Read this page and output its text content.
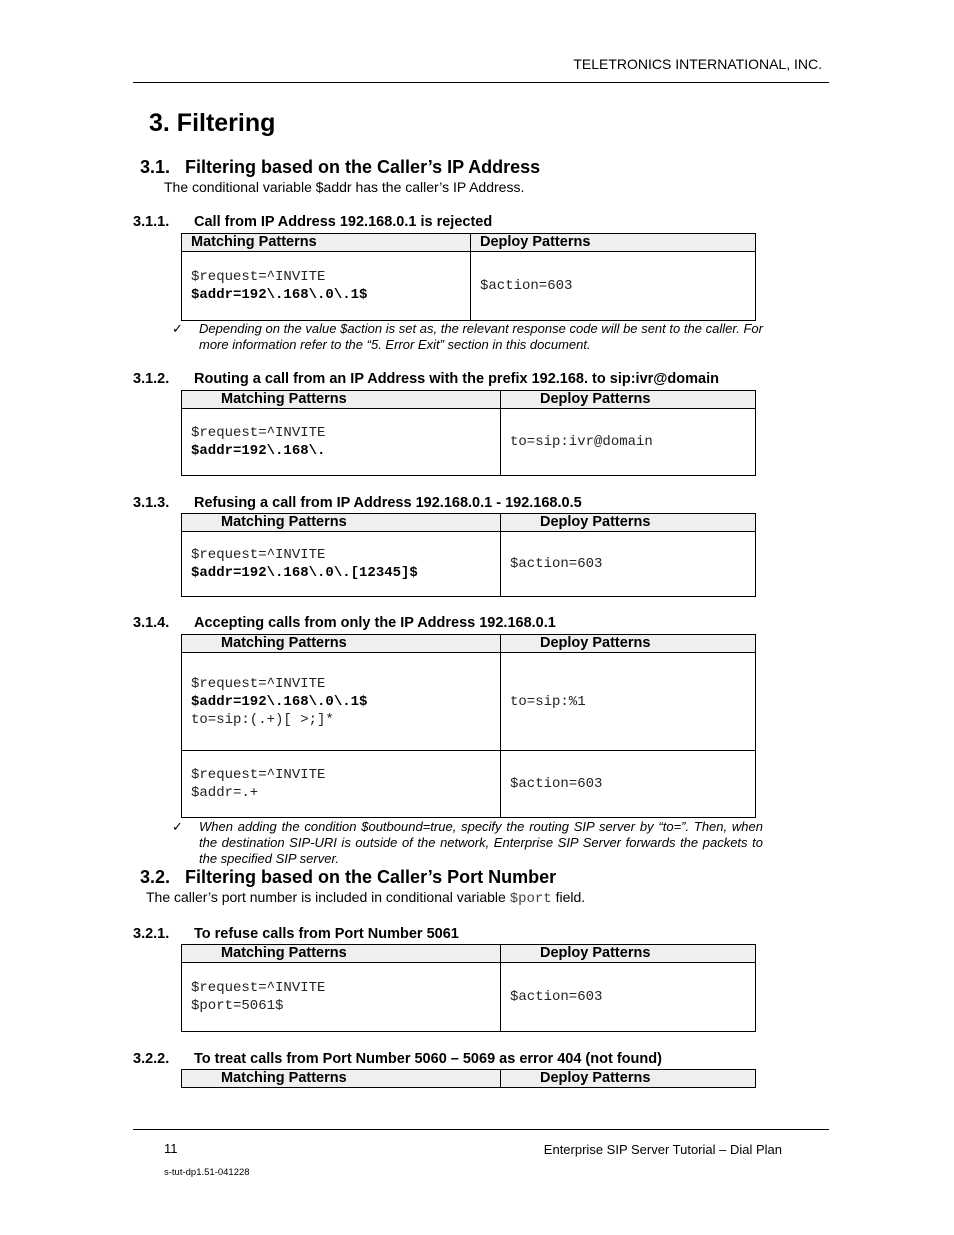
TELETRONICS INTERNATIONAL, INC.
3. Filtering
3.1.   Filtering based on the Caller’s IP Address
The conditional variable $addr has the caller’s IP Address.
3.1.1. Call from IP Address 192.168.0.1 is rejected
Matching Patterns	Deploy Patterns

$request=^INVITE
$addr=192\.168\.0\.1$	$action=603
✓ Depending on the value $action is set as, the relevant response code will be sent to the caller. For more information refer to the “5. Error Exit” section in this document.
3.1.2. Routing a call from an IP Address with the prefix 192.168. to sip:ivr@domain
Matching Patterns	Deploy Patterns

$request=^INVITE
$addr=192\.168\.	to=sip:ivr@domain
3.1.3. Refusing a call from IP Address 192.168.0.1 - 192.168.0.5
Matching Patterns	Deploy Patterns

$request=^INVITE
$addr=192\.168\.0\.[12345]$	$action=603
3.1.4. Accepting calls from only the IP Address 192.168.0.1
Matching Patterns	Deploy Patterns

$request=^INVITE
$addr=192\.168\.0\.1$
to=sip:(.+)[ >;]*	to=sip:%1

$request=^INVITE
$addr=.+	$action=603
✓ When adding the condition $outbound=true, specify the routing SIP server by “to=”. Then, when the destination SIP-URI is outside of the network, Enterprise SIP Server forwards the packets to the specified SIP server.
3.2.   Filtering based on the Caller’s Port Number
The caller’s port number is included in conditional variable $port field.
3.2.1. To refuse calls from Port Number 5061
Matching Patterns	Deploy Patterns

$request=^INVITE
$port=5061$	$action=603
3.2.2. To treat calls from Port Number 5060 – 5069 as error 404 (not found)
Matching Patterns	Deploy Patterns
11	Enterprise SIP Server Tutorial – Dial Plan
s-tut-dp1.51-041228
